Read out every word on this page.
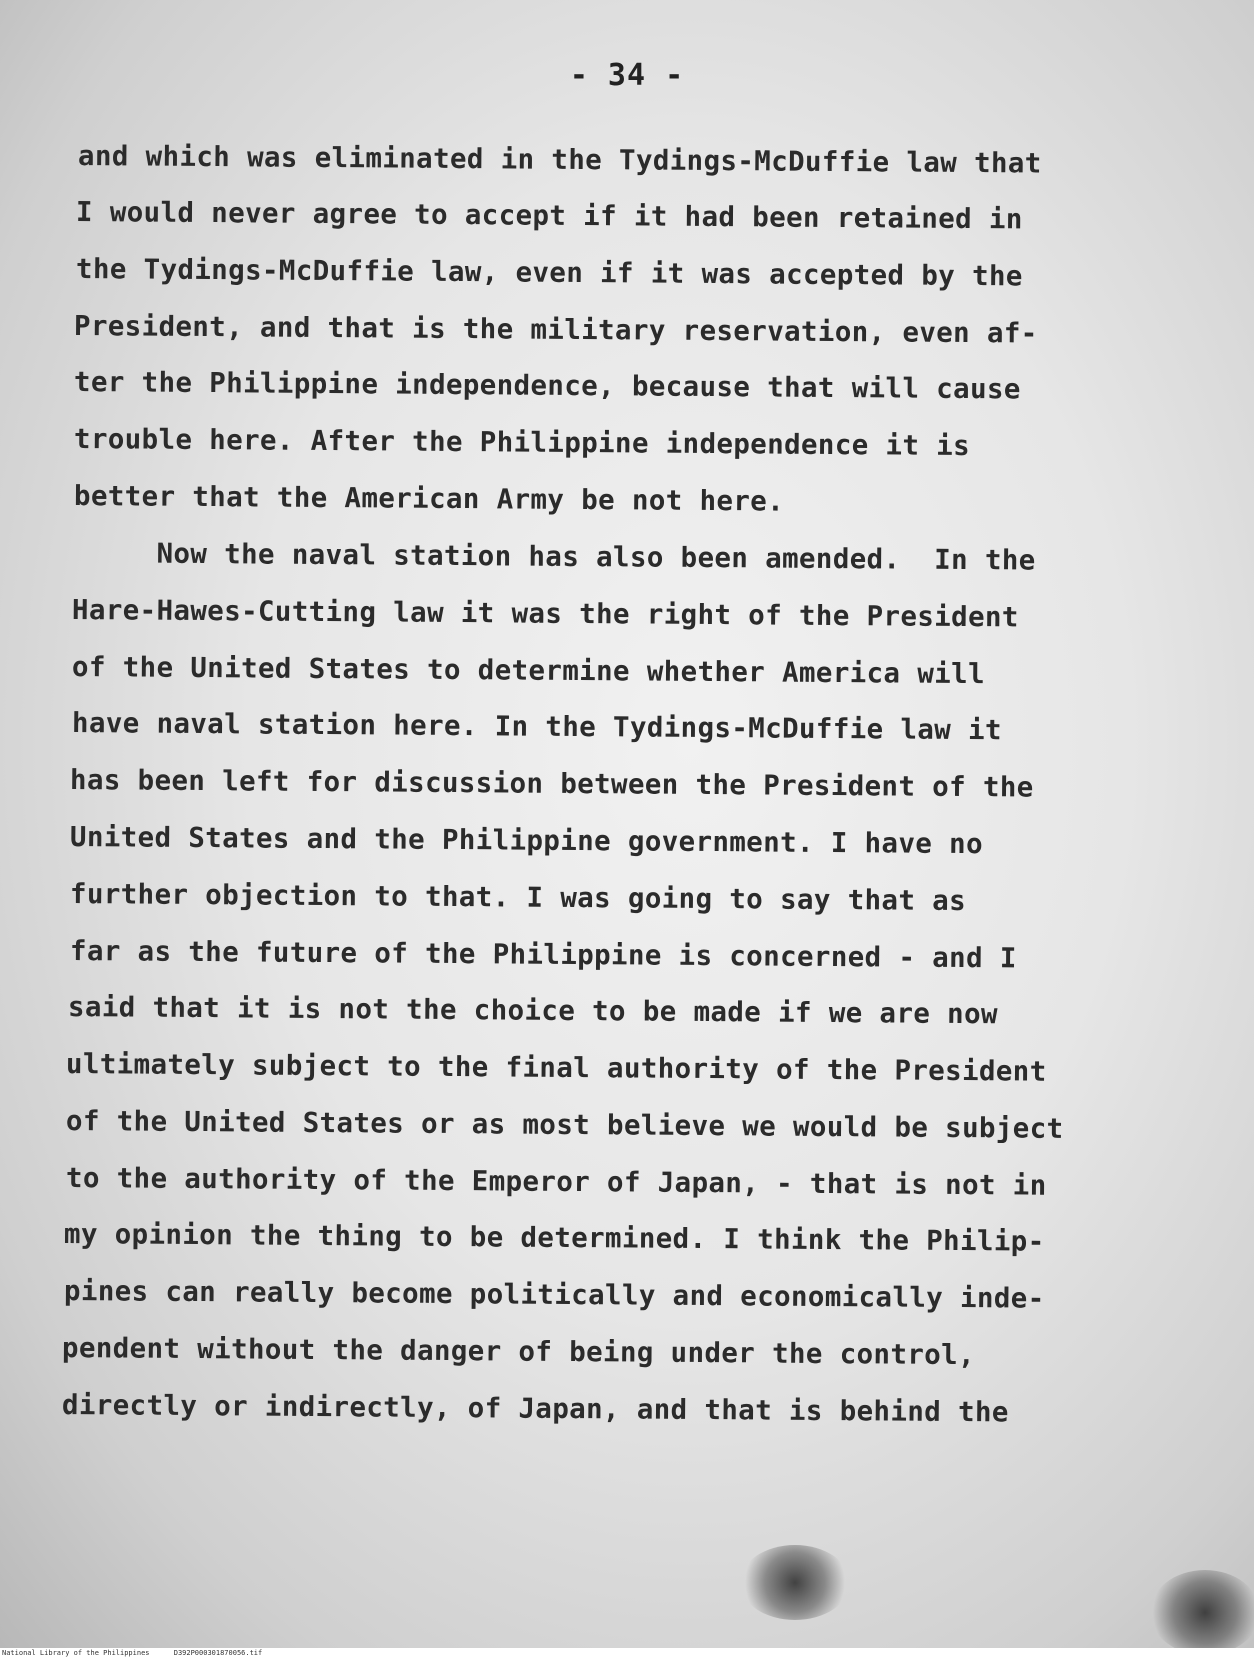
- 34 -
and which was eliminated in the Tydings-McDuffie law that
I would never agree to accept if it had been retained in
the Tydings-McDuffie law, even if it was accepted by the
President, and that is the military reservation, even af-
ter the Philippine independence, because that will cause
trouble here. After the Philippine independence it is
better that the American Army be not here.
Now the naval station has also been amended.  In the
Hare-Hawes-Cutting law it was the right of the President
of the United States to determine whether America will
have naval station here. In the Tydings-McDuffie law it
has been left for discussion between the President of the
United States and the Philippine government. I have no
further objection to that. I was going to say that as
far as the future of the Philippine is concerned - and I
said that it is not the choice to be made if we are now
ultimately subject to the final authority of the President
of the United States or as most believe we would be subject
to the authority of the Emperor of Japan, - that is not in
my opinion the thing to be determined. I think the Philip-
pines can really become politically and economically inde-
pendent without the danger of being under the control,
directly or indirectly, of Japan, and that is behind the
National Library of the Philippines	D392P000301870056.tif
